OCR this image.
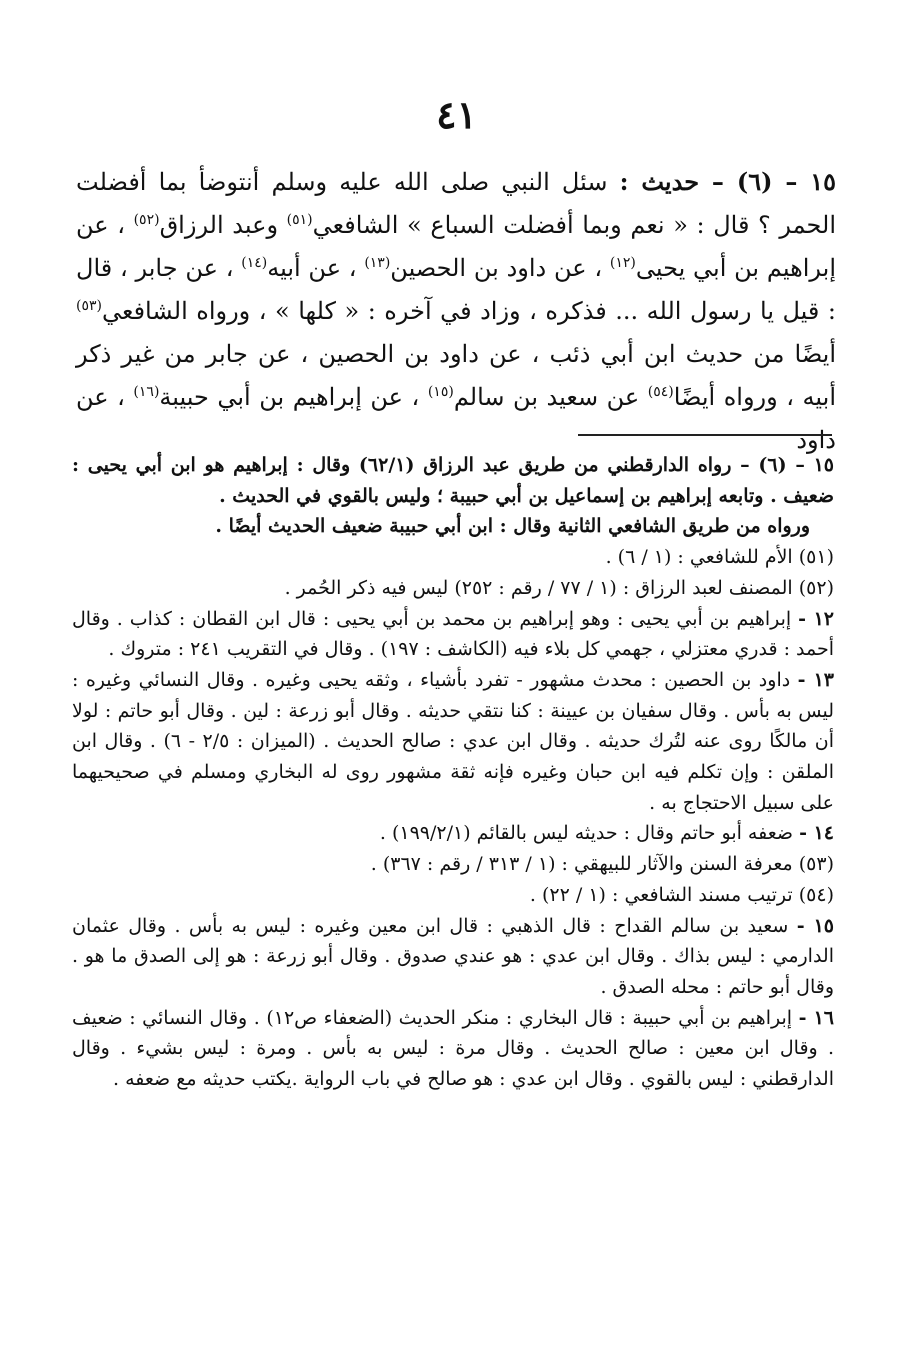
٤١

١٥ – (٦) – حديث : سئل النبي صلى الله عليه وسلم أنتوضأ بما أفضلت الحمر ؟ قال : « نعم وبما أفضلت السباع » الشافعي$^{(٥١)}$ وعبد الرزاق$^{(٥٢)}$ ، عن إبراهيم بن أبي يحيى$^{(١٢)}$ ، عن داود بن الحصين$^{(١٣)}$ ، عن أبيه$^{(١٤)}$ ، عن جابر ، قال : قيل يا رسول الله ... فذكره ، وزاد في آخره : « كلها » ، ورواه الشافعي$^{(٥٣)}$ أيضًا من حديث ابن أبي ذئب ، عن داود بن الحصين ، عن جابر من غير ذكر أبيه ، ورواه أيضًا$^{(٥٤)}$ عن سعيد بن سالم$^{(١٥)}$ ، عن إبراهيم بن أبي حبيبة$^{(١٦)}$ ، عن داود

١٥ – (٦) – رواه الدارقطني من طريق عبد الرزاق (٦٢/١) وقال : إبراهيم هو ابن أبي يحيى : ضعيف . وتابعه إبراهيم بن إسماعيل بن أبي حبيبة ؛ وليس بالقوي في الحديث .

ورواه من طريق الشافعي الثانية وقال : ابن أبي حبيبة ضعيف الحديث أيضًا .

(٥١) الأم للشافعي : (١ / ٦) .

(٥٢) المصنف لعبد الرزاق : (١ / ٧٧ / رقم : ٢٥٢) ليس فيه ذكر الحُمر .

١٢ - إبراهيم بن أبي يحيى : وهو إبراهيم بن محمد بن أبي يحيى : قال ابن القطان : كذاب . وقال أحمد : قدري معتزلي ، جهمي كل بلاء فيه (الكاشف : ١٩٧) . وقال في التقريب ٢٤١ : متروك .

١٣ - داود بن الحصين : محدث مشهور - تفرد بأشياء ، وثقه يحيى وغيره . وقال النسائي وغيره : ليس به بأس . وقال سفيان بن عيينة : كنا نتقي حديثه . وقال أبو زرعة : لين . وقال أبو حاتم : لولا أن مالكًا روى عنه لتُرك حديثه . وقال ابن عدي : صالح الحديث . (الميزان : ٢/٥ - ٦) . وقال ابن الملقن : وإن تكلم فيه ابن حبان وغيره فإنه ثقة مشهور روى له البخاري ومسلم في صحيحيهما على سبيل الاحتجاج به .

١٤ - ضعفه أبو حاتم وقال : حديثه ليس بالقائم (١٩٩/٢/١) .

(٥٣) معرفة السنن والآثار للبيهقي : (١ / ٣١٣ / رقم : ٣٦٧) .

(٥٤) ترتيب مسند الشافعي : (١ / ٢٢) .

١٥ - سعيد بن سالم القداح : قال الذهبي : قال ابن معين وغيره : ليس به بأس . وقال عثمان الدارمي : ليس بذاك . وقال ابن عدي : هو عندي صدوق . وقال أبو زرعة : هو إلى الصدق ما هو . وقال أبو حاتم : محله الصدق .

١٦ - إبراهيم بن أبي حبيبة : قال البخاري : منكر الحديث (الضعفاء ص١٢) . وقال النسائي : ضعيف . وقال ابن معين : صالح الحديث . وقال مرة : ليس به بأس . ومرة : ليس بشيء . وقال الدارقطني : ليس بالقوي . وقال ابن عدي : هو صالح في باب الرواية .يكتب حديثه مع ضعفه .
